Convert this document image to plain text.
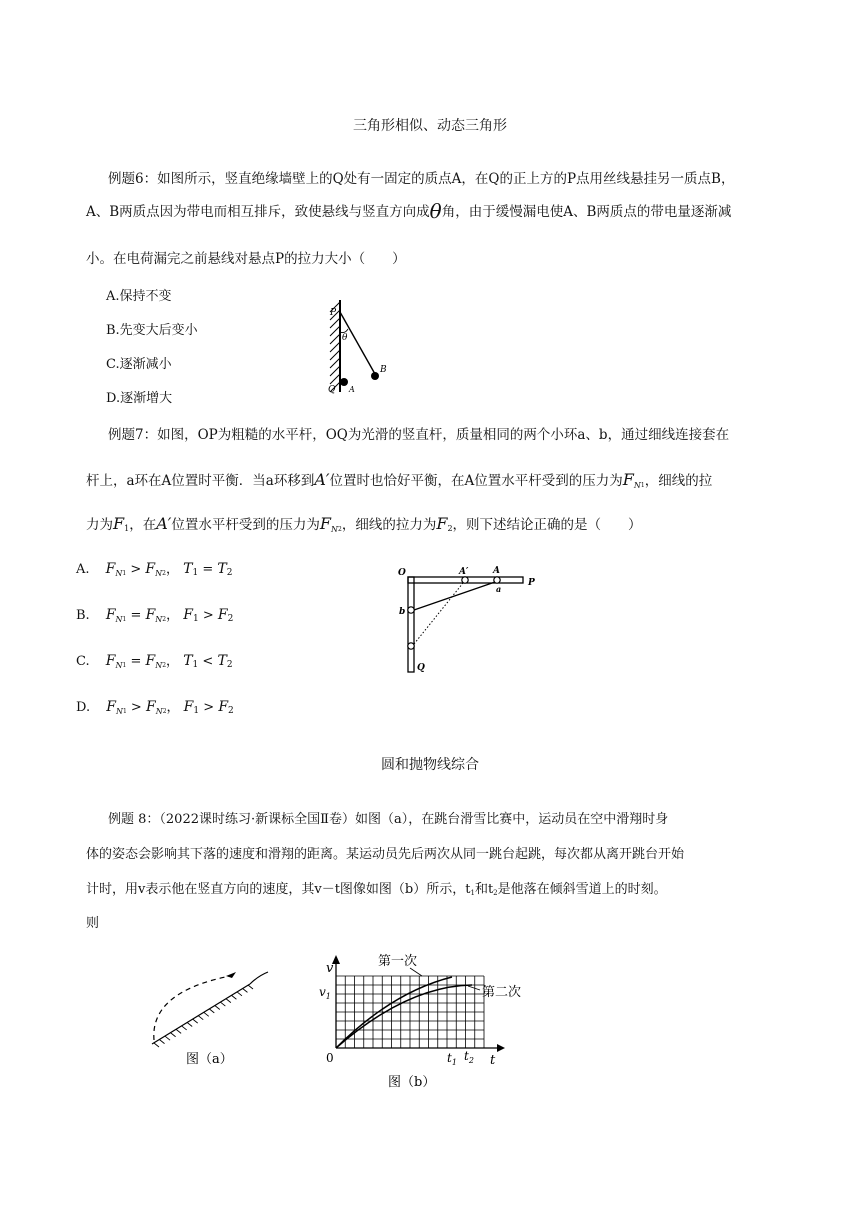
三角形相似、动态三角形
例题6：如图所示，竖直绝缘墙壁上的Q处有一固定的质点A，在Q的正上方的P点用丝线悬挂另一质点B，
A、B两质点因为带电而相互排斥，致使悬线与竖直方向成θ角，由于缓慢漏电使A、B两质点的带电量逐渐减
小。在电荷漏完之前悬线对悬点P的拉力大小（　　）
A.保持不变
B.先变大后变小
C.逐渐减小
D.逐渐增大
P
θ
B
Q A
例题7：如图，OP为粗糙的水平杆，OQ为光滑的竖直杆，质量相同的两个小环a、b，通过细线连接套在
杆上，a环在A位置时平衡．当a环移到A′位置时也恰好平衡，在A位置水平杆受到的压力为$F_N1$，细线的拉
力为F1，在A′位置水平杆受到的压力为$F_N2$，细线的拉力为F2，则下述结论正确的是（　　）
A. $F_N1 > F_N2$， T1 = T2
B. $F_N1 = F_N2$， F1 > F2
C. $F_N1 = F_N2$， T1 < T2
D. $F_N1 > F_N2$， F1 > F2
O	A′	A
a
P
b
Q
圆和抛物线综合
例题 8：（2022课时练习·新课标全国Ⅱ卷）如图（a），在跳台滑雪比赛中，运动员在空中滑翔时身
体的姿态会影响其下落的速度和滑翔的距离。某运动员先后两次从同一跳台起跳，每次都从离开跳台开始
计时，用v表示他在竖直方向的速度，其v－t图像如图（b）所示，t1和t2是他落在倾斜雪道上的时刻。
则
图（a）
v
$v_1$
0	t
$t_1$ $t_2$
第一次
第二次
图（b）
